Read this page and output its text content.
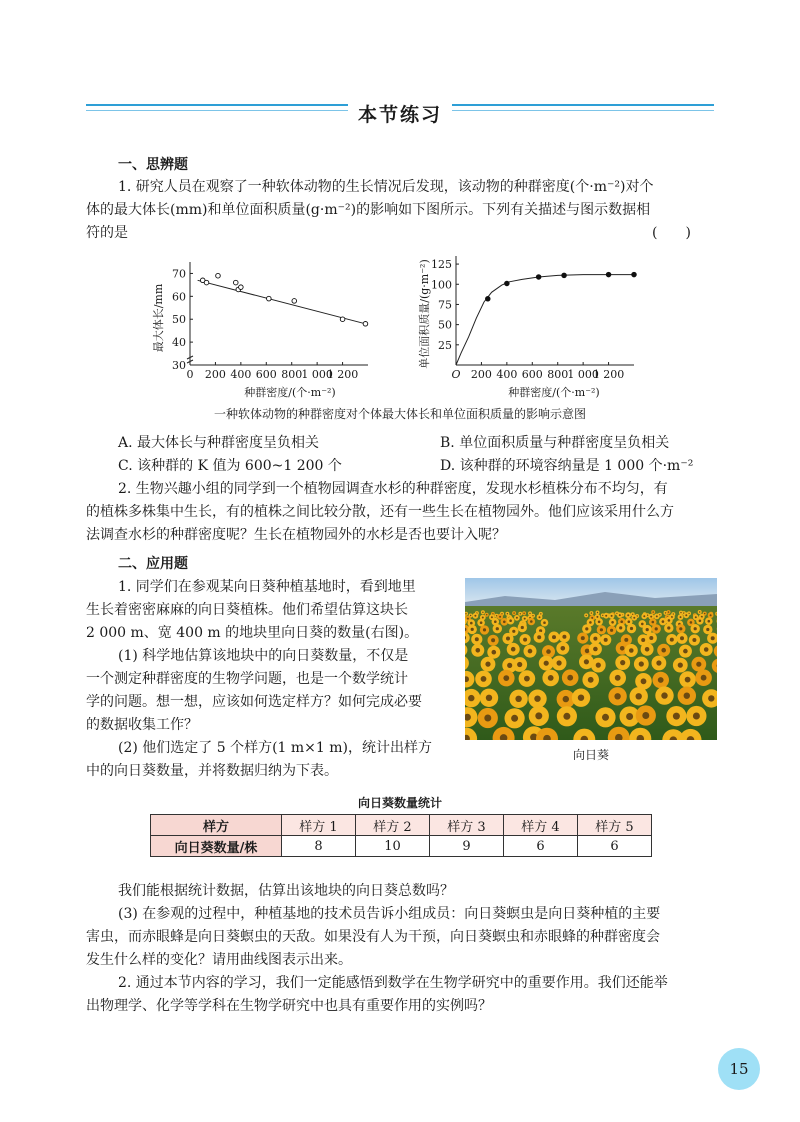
本节练习
一、思辨题
1. 研究人员在观察了一种软体动物的生长情况后发现，该动物的种群密度(个·m⁻²)对个
体的最大体长(mm)和单位面积质量(g·m⁻²)的影响如下图所示。下列有关描述与图示数据相
符的是	(　　)
0 200 400 600 800 1 000
1 200
30
40
50
60
70
种群密度/(个·m⁻²)
最大体长/mm
O 200 400 600 800 1 000
1 200
25
50
75
100
125
种群密度/(个·m⁻²)
单位面积质量/(g·m⁻²)
一种软体动物的种群密度对个体最大体长和单位面积质量的影响示意图
A. 最大体长与种群密度呈负相关	B. 单位面积质量与种群密度呈负相关
C. 该种群的 K 值为 600~1 200 个	D. 该种群的环境容纳量是 1 000 个·m⁻²
2. 生物兴趣小组的同学到一个植物园调查水杉的种群密度，发现水杉植株分布不均匀，有
的植株多株集中生长，有的植株之间比较分散，还有一些生长在植物园外。他们应该采用什么方
法调查水杉的种群密度呢？生长在植物园外的水杉是否也要计入呢？
二、应用题
1. 同学们在参观某向日葵种植基地时，看到地里
生长着密密麻麻的向日葵植株。他们希望估算这块长
2 000 m、宽 400 m 的地块里向日葵的数量(右图)。
(1) 科学地估算该地块中的向日葵数量，不仅是
一个测定种群密度的生物学问题，也是一个数学统计
学的问题。想一想，应该如何选定样方？如何完成必要
的数据收集工作？
(2) 他们选定了 5 个样方(1 m×1 m)，统计出样方
中的向日葵数量，并将数据归纳为下表。
向日葵
向日葵数量统计
样方	样方 1	样方 2	样方 3	样方 4	样方 5
向日葵数量/株	8	10	9	6	6
我们能根据统计数据，估算出该地块的向日葵总数吗？
(3) 在参观的过程中，种植基地的技术员告诉小组成员：向日葵螟虫是向日葵种植的主要
害虫，而赤眼蜂是向日葵螟虫的天敌。如果没有人为干预，向日葵螟虫和赤眼蜂的种群密度会
发生什么样的变化？请用曲线图表示出来。
2. 通过本节内容的学习，我们一定能感悟到数学在生物学研究中的重要作用。我们还能举
出物理学、化学等学科在生物学研究中也具有重要作用的实例吗？
15
